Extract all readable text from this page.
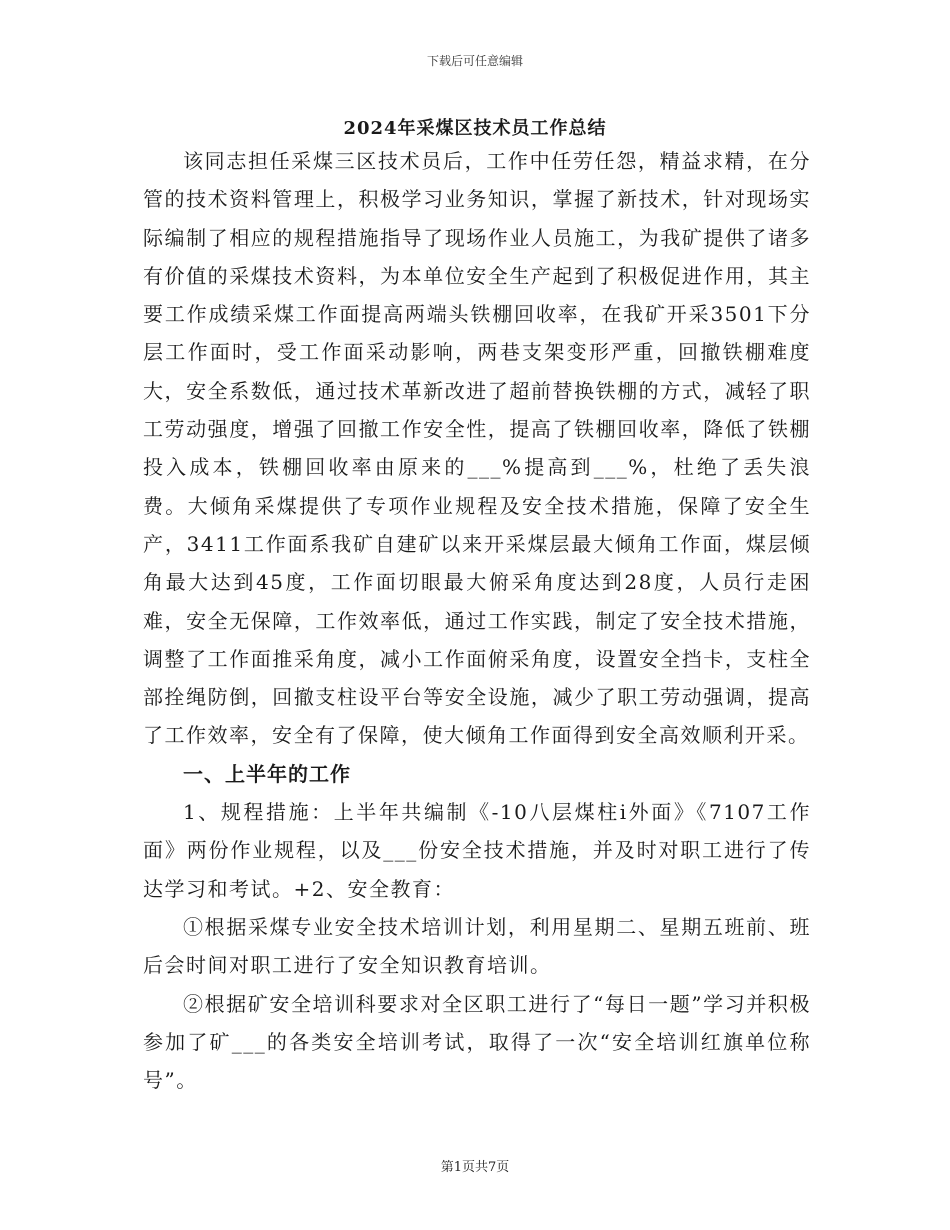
下载后可任意编辑
2024年采煤区技术员工作总结

该同志担任采煤三区技术员后，工作中任劳任怨，精益求精，在分管的技术资料管理上，积极学习业务知识，掌握了新技术，针对现场实际编制了相应的规程措施指导了现场作业人员施工，为我矿提供了诸多有价值的采煤技术资料，为本单位安全生产起到了积极促进作用，其主要工作成绩采煤工作面提高两端头铁棚回收率，在我矿开采3501下分层工作面时，受工作面采动影响，两巷支架变形严重，回撤铁棚难度大，安全系数低，通过技术革新改进了超前替换铁棚的方式，减轻了职工劳动强度，增强了回撤工作安全性，提高了铁棚回收率，降低了铁棚投入成本，铁棚回收率由原来的___%提高到___%，杜绝了丢失浪费。大倾角采煤提供了专项作业规程及安全技术措施，保障了安全生产，3411工作面系我矿自建矿以来开采煤层最大倾角工作面，煤层倾角最大达到45度，工作面切眼最大俯采角度达到28度，人员行走困难，安全无保障，工作效率低，通过工作实践，制定了安全技术措施，调整了工作面推采角度，减小工作面俯采角度，设置安全挡卡，支柱全部拴绳防倒，回撤支柱设平台等安全设施，减少了职工劳动强调，提高了工作效率，安全有了保障，使大倾角工作面得到安全高效顺利开采。

一、上半年的工作

1、规程措施：上半年共编制《-10八层煤柱i外面》《7107工作面》两份作业规程，以及___份安全技术措施，并及时对职工进行了传达学习和考试。+2、安全教育：

①根据采煤专业安全技术培训计划，利用星期二、星期五班前、班后会时间对职工进行了安全知识教育培训。

②根据矿安全培训科要求对全区职工进行了“每日一题”学习并积极参加了矿___的各类安全培训考试，取得了一次“安全培训红旗单位称号”。

第1页共7页
